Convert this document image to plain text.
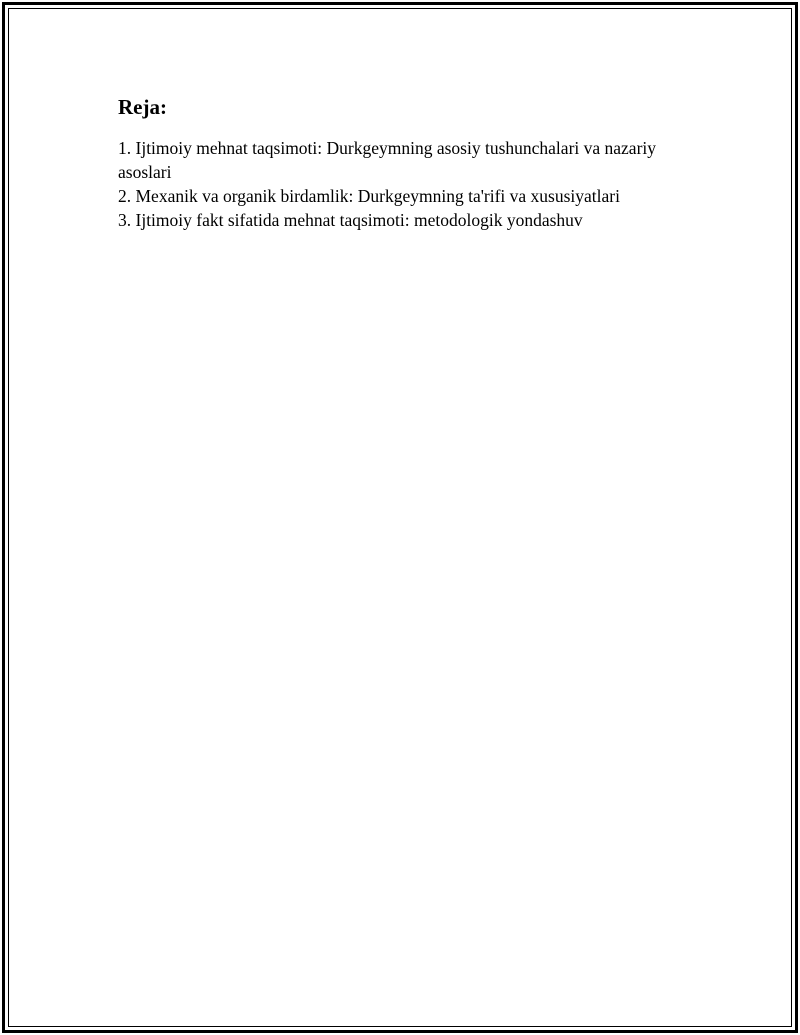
Reja:
1. Ijtimoiy mehnat taqsimoti: Durkgeymning asosiy tushunchalari va nazariy asoslari
2. Mexanik va organik birdamlik: Durkgeymning ta'rifi va xususiyatlari
3. Ijtimoiy fakt sifatida mehnat taqsimoti: metodologik yondashuv
